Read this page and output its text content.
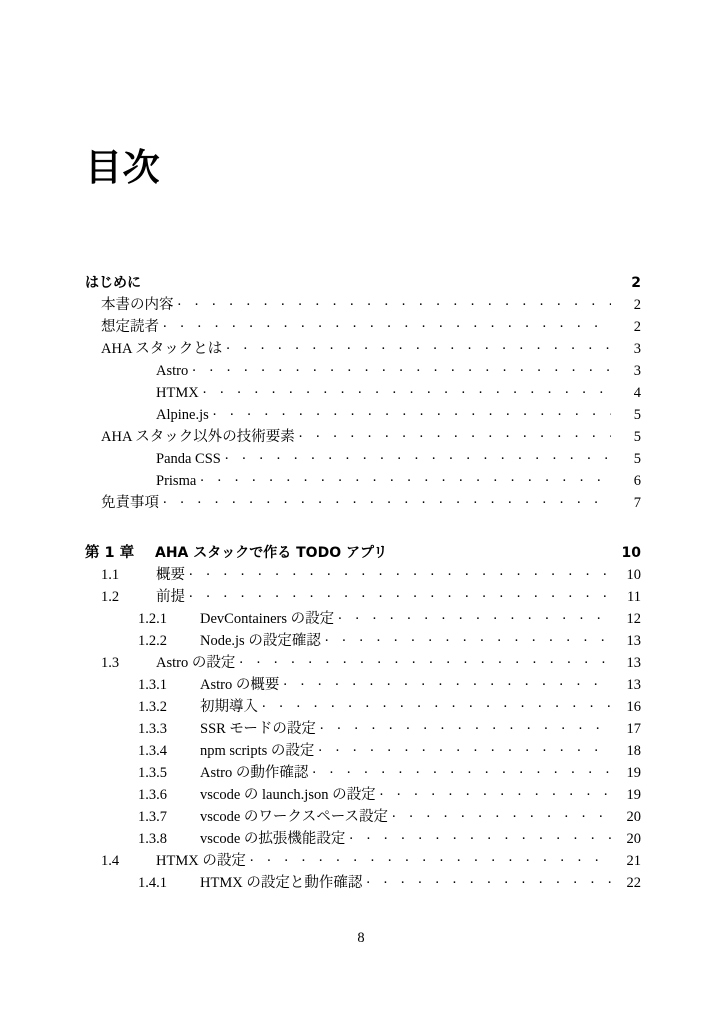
目次
はじめに	2
本書の内容 . . .	2
想定読者 . . .	2
AHA スタックとは . . .	3
Astro . . .	3
HTMX . . .	4
Alpine.js . . .	5
AHA スタック以外の技術要素 . . .	5
Panda CSS . . .	5
Prisma . . .	6
免責事項 . . .	7
第 1 章	AHA スタックで作る TODO アプリ	10
1.1	概要 . . .	10
1.2	前提 . . .	11
1.2.1	DevContainers の設定 . . .	12
1.2.2	Node.js の設定確認 . . .	13
1.3	Astro の設定 . . .	13
1.3.1	Astro の概要 . . .	13
1.3.2	初期導入 . . .	16
1.3.3	SSR モードの設定 . . .	17
1.3.4	npm scripts の設定 . . .	18
1.3.5	Astro の動作確認 . . .	19
1.3.6	vscode の launch.json の設定 . . .	19
1.3.7	vscode のワークスペース設定 . . .	20
1.3.8	vscode の拡張機能設定 . . .	20
1.4	HTMX の設定 . . .	21
1.4.1	HTMX の設定と動作確認 . . .	22
8
